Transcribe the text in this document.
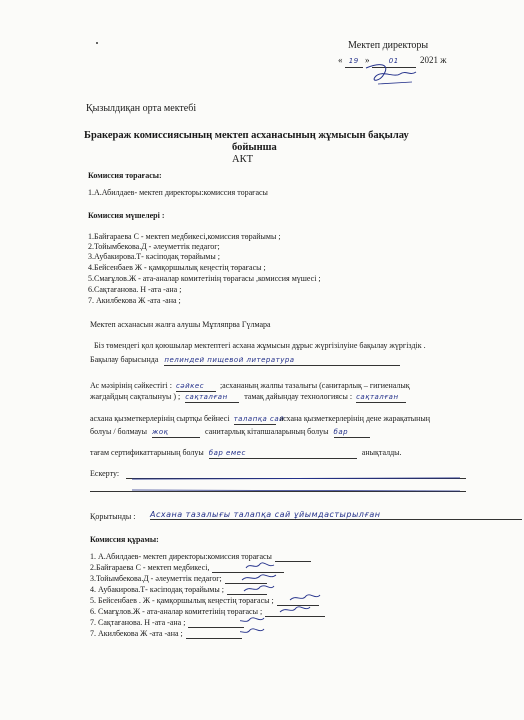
Мектеп директоры
« 19 »	01 2021 ж
Қызылдиқан орта мектебі
Бракераж комиссиясының мектеп асханасының жұмысын бақылау
бойынша
АКТ
Комиссия торағасы:
1.А.Абилдаев- мектеп директоры:комиссия торағасы
Комиссия мүшелері :
1.Байғараева С - мектеп медбикесі,комиссия төрайымы ;
2.Тойымбекова.Д - әлеуметтік педагог;
3.Аубакирова.Т- кәсіподақ төрайымы ;
4.Бейсенбаев Ж - қамқоршылық кеңестің төрағасы ;
5.Смағұлов.Ж - ата-аналар комитетінің төрағасы ,комиссия мүшесі ;
6.Сақтағанова. Н -ата -ана ;
7. Акилбекова Ж -ата -ана ;
Мектеп асханасын жалға алушы Мұтляпрва Гүлмара
Біз төмендегі қол қоюшылар мектептегі асхана жұмысын дұрыс жүргізілуіне бақылау жүргіздік .
Бақылау барысында пелиндей пищевой литература
Ас мәзірінің сәйкестігі : сәйкес ;асхананың жалпы тазалығы (санитарлық – гигиеналық
жағдайдың сақталынуы ) ; сақталған тамақ дайындау технологиясы : сақталған
асхана қызметкерлерінің сыртқы бейнесі талапқа сай асхана қызметкерлерінің дене жарақатының
болуы / болмауы жоқ	санитарлық кітапшаларының болуы бар
тағам сертификаттарының болуы бар емес	анықталды.
Ескерту:
Қорытынды : Асхана тазалығы талапқа сай ұйымдастырылған
Комиссия құрамы:
1. А.Абилдаев- мектеп директоры:комиссия торағасы
2.Байғараева С - мектеп медбикесі,
3.Тойымбекова.Д - әлеуметтік педагог;
4. Аубакирова.Т- кәсіподақ төрайымы ;
5. Бейсенбаев . Ж - қамқоршылық кеңестің төрағасы ;
6. Смағұлов.Ж - ата-аналар комитетінің төрағасы ;
7. Сақтағанова. Н -ата -ана ;
7. Акилбекова Ж -ата -ана ;
